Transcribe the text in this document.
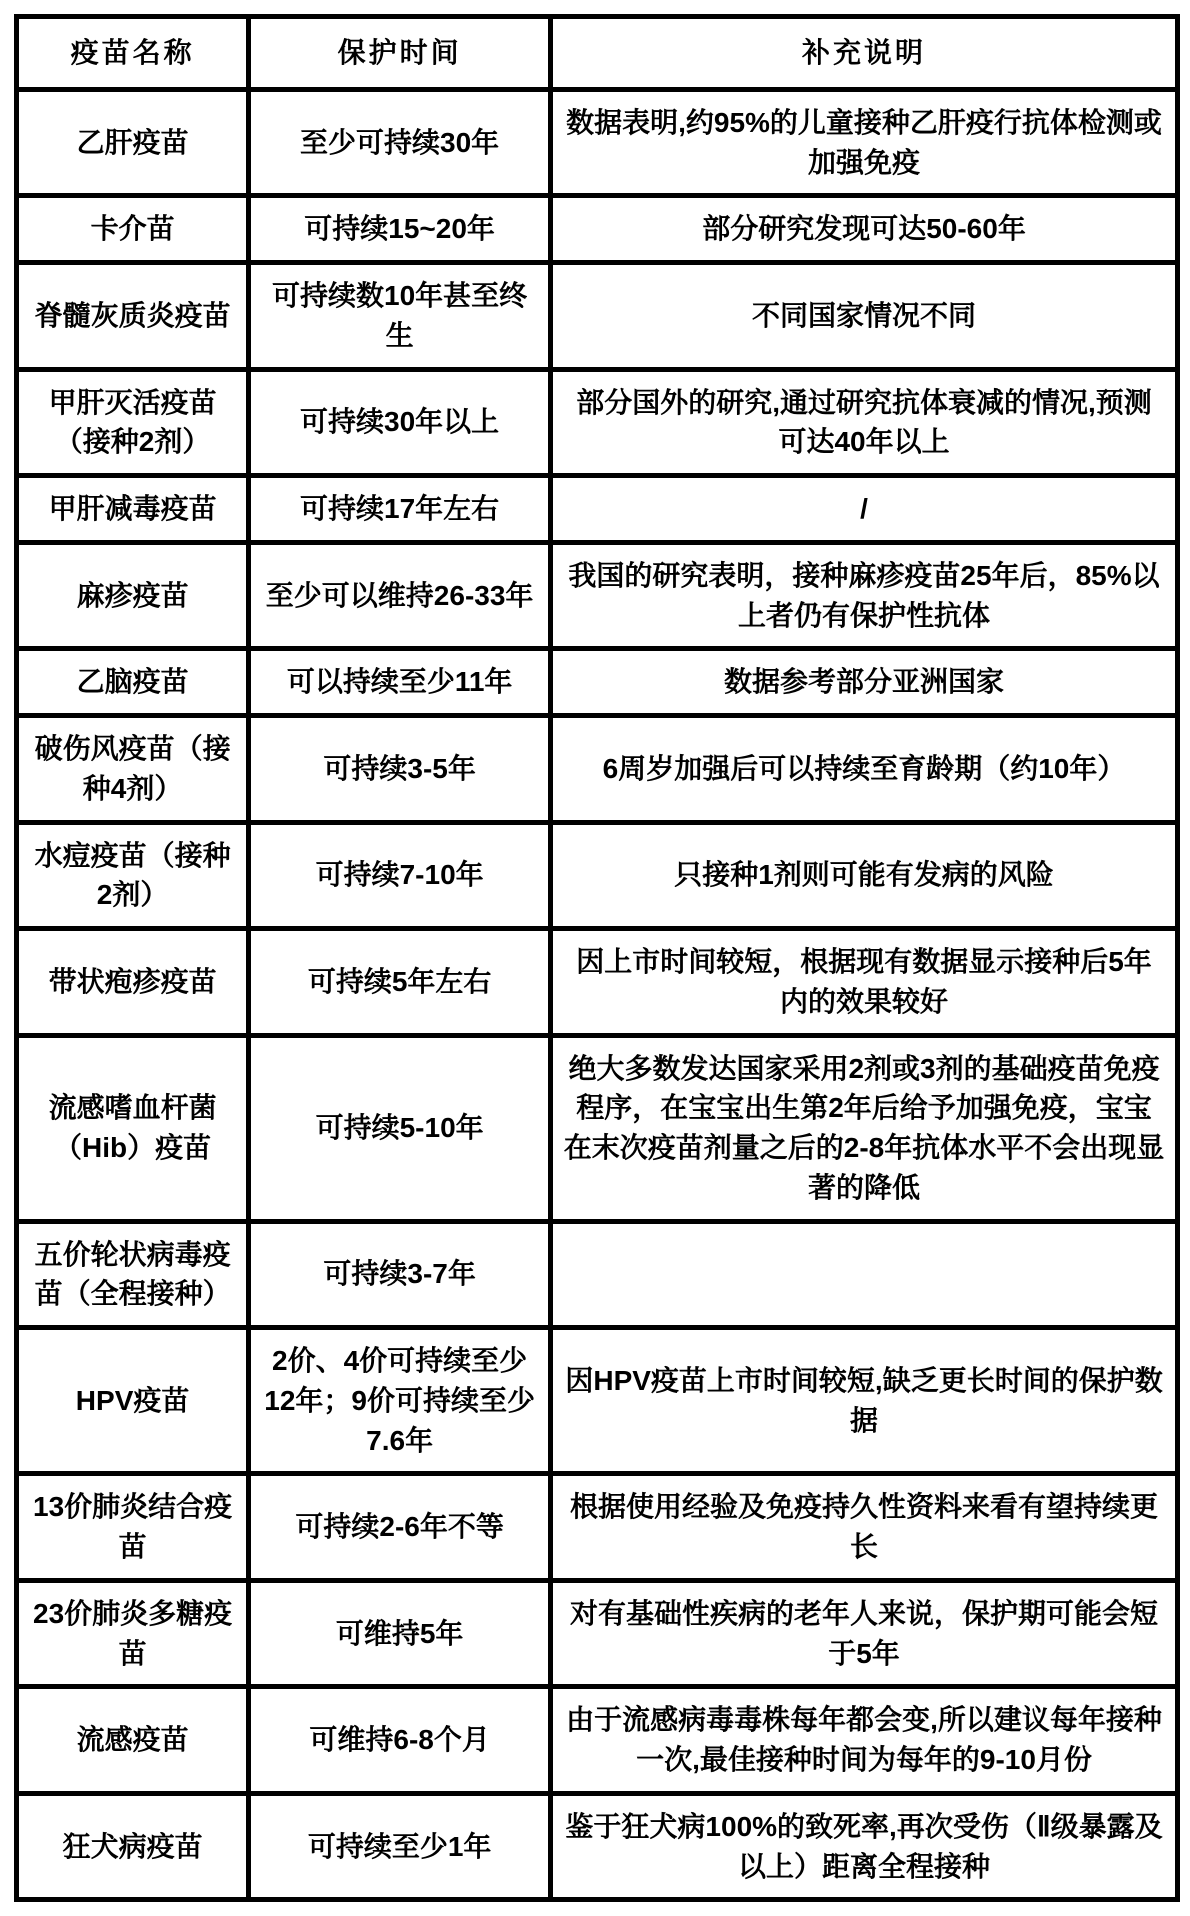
疫苗名称	保护时间	补充说明
乙肝疫苗	至少可持续30年	数据表明,约95%的儿童接种乙肝疫行抗体检测或加强免疫
卡介苗	可持续15~20年	部分研究发现可达50-60年
脊髓灰质炎疫苗	可持续数10年甚至终生	不同国家情况不同
甲肝灭活疫苗（接种2剂）	可持续30年以上	部分国外的研究,通过研究抗体衰减的情况,预测可达40年以上
甲肝减毒疫苗	可持续17年左右	/
麻疹疫苗	至少可以维持26-33年	我国的研究表明，接种麻疹疫苗25年后，85%以上者仍有保护性抗体
乙脑疫苗	可以持续至少11年	数据参考部分亚洲国家
破伤风疫苗（接种4剂）	可持续3-5年	6周岁加强后可以持续至育龄期（约10年）
水痘疫苗（接种2剂）	可持续7-10年	只接种1剂则可能有发病的风险
带状疱疹疫苗	可持续5年左右	因上市时间较短，根据现有数据显示接种后5年内的效果较好
流感嗜血杆菌（Hib）疫苗	可持续5-10年	绝大多数发达国家采用2剂或3剂的基础疫苗免疫程序，在宝宝出生第2年后给予加强免疫，宝宝在末次疫苗剂量之后的2-8年抗体水平不会出现显著的降低
五价轮状病毒疫苗（全程接种）	可持续3-7年	
HPV疫苗	2价、4价可持续至少12年；9价可持续至少7.6年	因HPV疫苗上市时间较短,缺乏更长时间的保护数据
13价肺炎结合疫苗	可持续2-6年不等	根据使用经验及免疫持久性资料来看有望持续更长
23价肺炎多糖疫苗	可维持5年	对有基础性疾病的老年人来说，保护期可能会短于5年
流感疫苗	可维持6-8个月	由于流感病毒毒株每年都会变,所以建议每年接种一次,最佳接种时间为每年的9-10月份
狂犬病疫苗	可持续至少1年	鉴于狂犬病100%的致死率,再次受伤（Ⅱ级暴露及以上）距离全程接种
